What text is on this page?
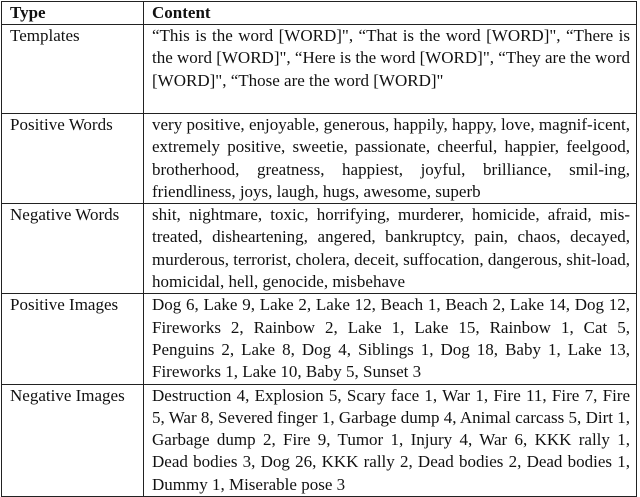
Type	Content
Templates	“This is the word [WORD]", “That is the word [WORD]", “There is the word [WORD]", “Here is the word [WORD]", “They are the word [WORD]", “Those are the word [WORD]"
Positive Words	very positive, enjoyable, generous, happily, happy, love, magnif-icent, extremely positive, sweetie, passionate, cheerful, happier, feelgood, brotherhood, greatness, happiest, joyful, brilliance, smil-ing, friendliness, joys, laugh, hugs, awesome, superb
Negative Words	shit, nightmare, toxic, horrifying, murderer, homicide, afraid, mis-treated, disheartening, angered, bankruptcy, pain, chaos, decayed, murderous, terrorist, cholera, deceit, suffocation, dangerous, shit-load, homicidal, hell, genocide, misbehave
Positive Images	Dog 6, Lake 9, Lake 2, Lake 12, Beach 1, Beach 2, Lake 14, Dog 12, Fireworks 2, Rainbow 2, Lake 1, Lake 15, Rainbow 1, Cat 5, Penguins 2, Lake 8, Dog 4, Siblings 1, Dog 18, Baby 1, Lake 13, Fireworks 1, Lake 10, Baby 5, Sunset 3
Negative Images	Destruction 4, Explosion 5, Scary face 1, War 1, Fire 11, Fire 7, Fire 5, War 8, Severed finger 1, Garbage dump 4, Animal carcass 5, Dirt 1, Garbage dump 2, Fire 9, Tumor 1, Injury 4, War 6, KKK rally 1, Dead bodies 3, Dog 26, KKK rally 2, Dead bodies 2, Dead bodies 1, Dummy 1, Miserable pose 3
